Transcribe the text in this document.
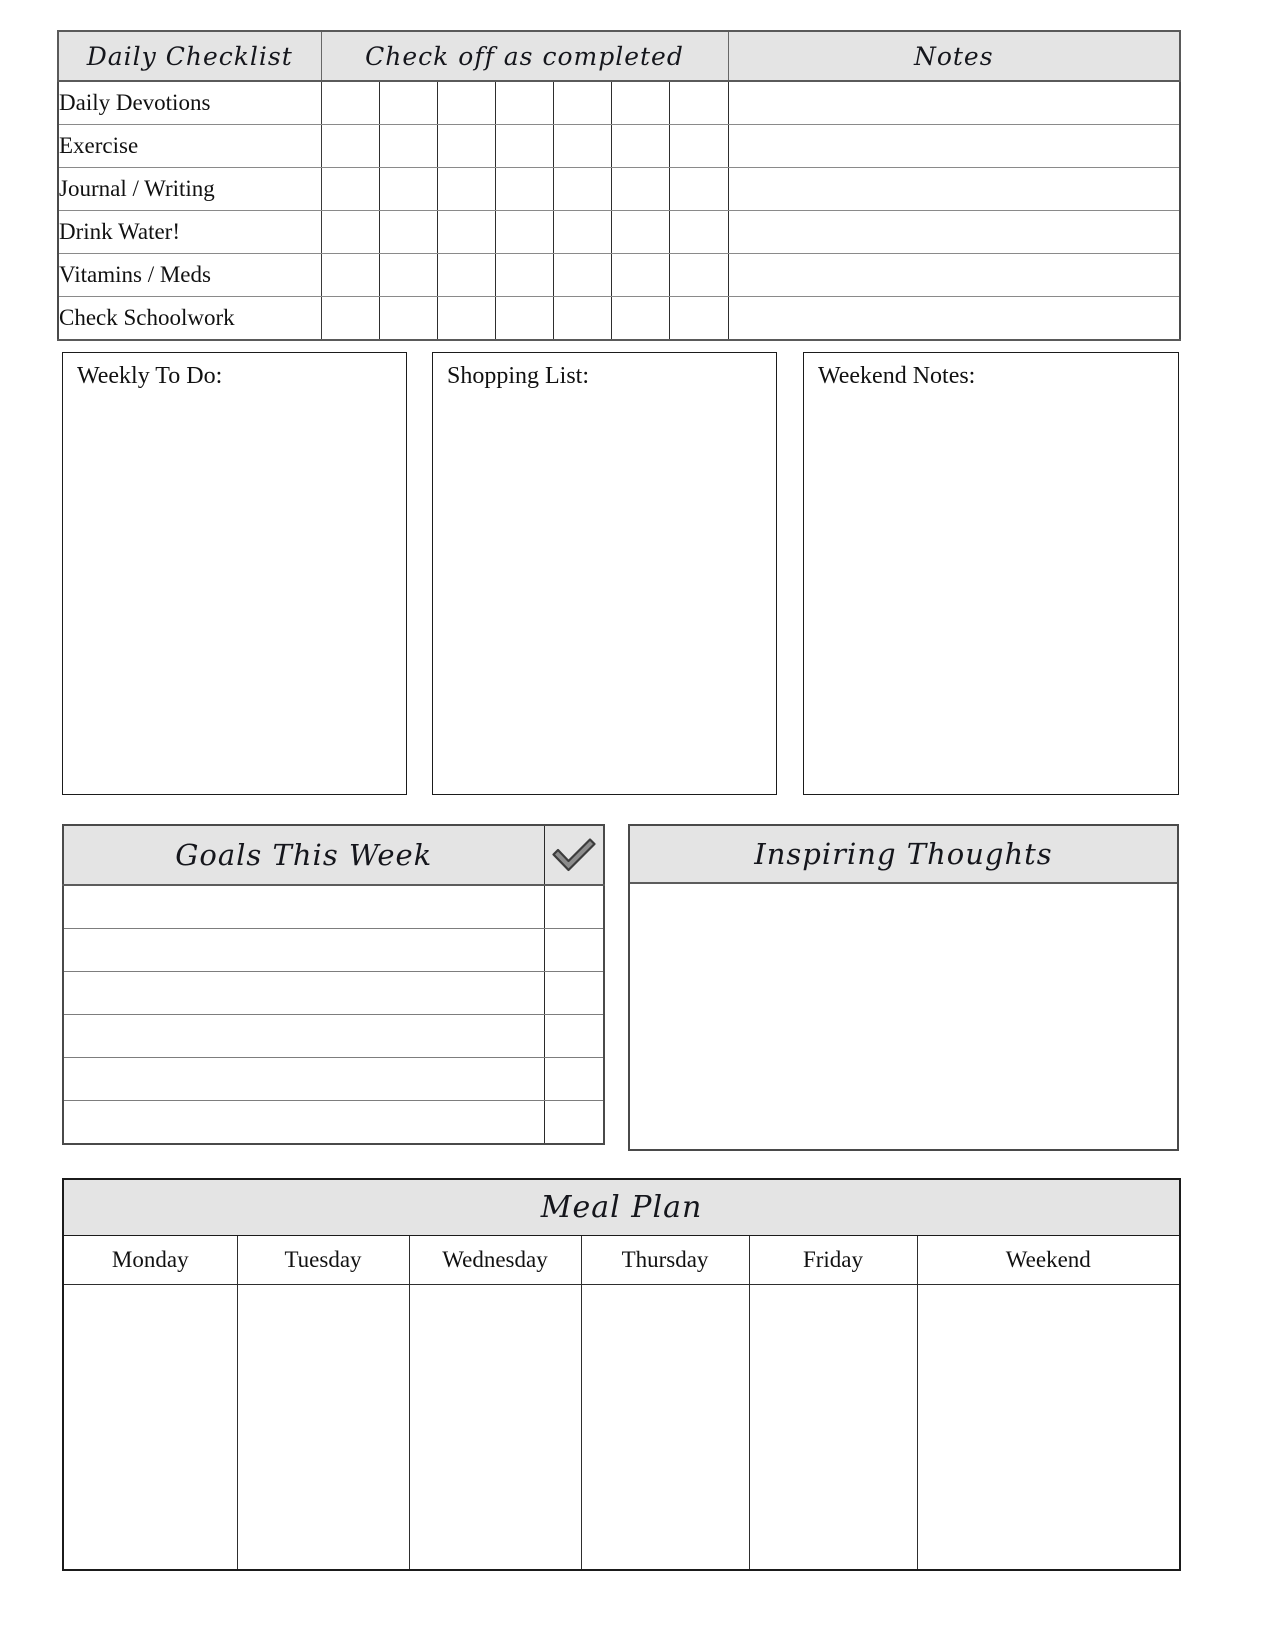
Daily Checklist	Check off as completed							Notes
Daily Devotions								
Exercise								
Journal / Writing								
Drink Water!								
Vitamins / Meds								
Check Schoolwork								
Weekly To Do:	Shopping List:	Weekend Notes:
Goals This Week	

		Inspiring Thoughts
Meal Plan					
Monday	Tuesday	Wednesday	Thursday	Friday	Weekend
